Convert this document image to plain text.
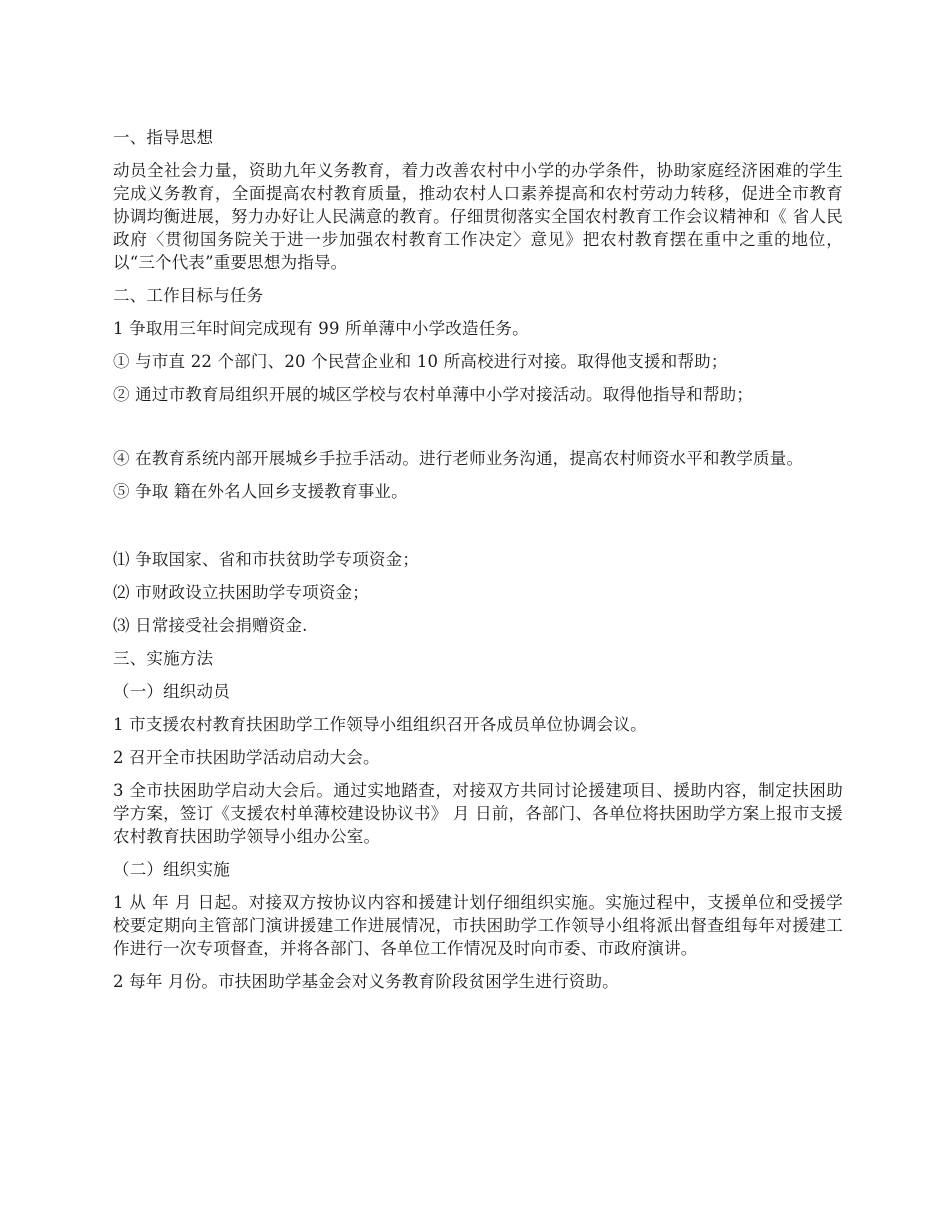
一、指导思想

动员全社会力量，资助九年义务教育，着力改善农村中小学的办学条件，协助家庭经济困难的学生完成义务教育，全面提高农村教育质量，推动农村人口素养提高和农村劳动力转移，促进全市教育协调均衡进展，努力办好让人民满意的教育。仔细贯彻落实全国农村教育工作会议精神和《 省人民政府〈贯彻国务院关于进一步加强农村教育工作决定〉意见》把农村教育摆在重中之重的地位，以“三个代表”重要思想为指导。

二、工作目标与任务

1 争取用三年时间完成现有 99 所单薄中小学改造任务。

① 与市直 22 个部门、20 个民营企业和 10 所高校进行对接。取得他支援和帮助；

② 通过市教育局组织开展的城区学校与农村单薄中小学对接活动。取得他指导和帮助；

④ 在教育系统内部开展城乡手拉手活动。进行老师业务沟通，提高农村师资水平和教学质量。

⑤ 争取 籍在外名人回乡支援教育事业。

⑴ 争取国家、省和市扶贫助学专项资金；

⑵ 市财政设立扶困助学专项资金；

⑶ 日常接受社会捐赠资金.

三、实施方法

（一）组织动员

1 市支援农村教育扶困助学工作领导小组组织召开各成员单位协调会议。

2 召开全市扶困助学活动启动大会。

3 全市扶困助学启动大会后。通过实地踏查，对接双方共同讨论援建项目、援助内容，制定扶困助学方案，签订《支援农村单薄校建设协议书》 月 日前，各部门、各单位将扶困助学方案上报市支援农村教育扶困助学领导小组办公室。

（二）组织实施

1 从 年 月 日起。对接双方按协议内容和援建计划仔细组织实施。实施过程中，支援单位和受援学校要定期向主管部门演讲援建工作进展情况，市扶困助学工作领导小组将派出督查组每年对援建工作进行一次专项督查，并将各部门、各单位工作情况及时向市委、市政府演讲。

2 每年 月份。市扶困助学基金会对义务教育阶段贫困学生进行资助。
